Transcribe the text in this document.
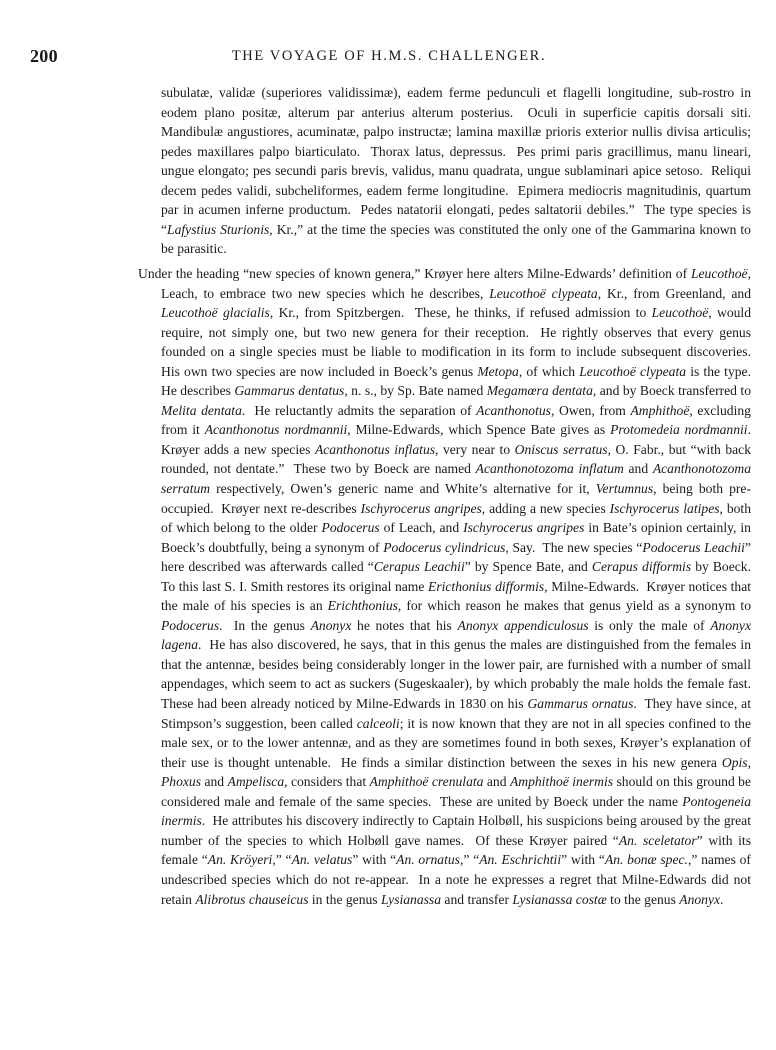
200	THE VOYAGE OF H.M.S. CHALLENGER.

subulatæ, validæ (superiores validissimæ), eadem ferme pedunculi et flagelli longitudine, sub-rostro in eodem plano positæ, alterum par anterius alterum posterius.  Oculi in superficie capitis dorsali siti.  Mandibulæ angustiores, acuminatæ, palpo instructæ; lamina maxillæ prioris exterior nullis divisa articulis; pedes maxillares palpo biarticulato.  Thorax latus, depressus.  Pes primi paris gracillimus, manu lineari, ungue elongato; pes secundi paris brevis, validus, manu quadrata, ungue sublaminari apice setoso.  Reliqui decem pedes validi, subcheliformes, eadem ferme longitudine.  Epimera mediocris magnitudinis, quartum par in acumen inferne productum.  Pedes natatorii elongati, pedes saltatorii debiles.”  The type species is “Lafystius Sturionis, Kr.,” at the time the species was constituted the only one of the Gammarina known to be parasitic.

Under the heading “new species of known genera,” Krøyer here alters Milne-Edwards’ definition of Leucothoë, Leach, to embrace two new species which he describes, Leucothoë clypeata, Kr., from Greenland, and Leucothoë glacialis, Kr., from Spitzbergen.  These, he thinks, if refused admission to Leucothoë, would require, not simply one, but two new genera for their reception.  He rightly observes that every genus founded on a single species must be liable to modification in its form to include subsequent discoveries.  His own two species are now included in Boeck’s genus Metopa, of which Leucothoë clypeata is the type.  He describes Gammarus dentatus, n. s., by Sp. Bate named Megamœra dentata, and by Boeck transferred to Melita dentata.  He reluctantly admits the separation of Acanthonotus, Owen, from Amphithoë, excluding from it Acanthonotus nordmannii, Milne-Edwards, which Spence Bate gives as Protomedeia nordmannii.  Krøyer adds a new species Acanthonotus inflatus, very near to Oniscus serratus, O. Fabr., but “with back rounded, not dentate.”  These two by Boeck are named Acanthonotozoma inflatum and Acanthonotozoma serratum respectively, Owen’s generic name and White’s alternative for it, Vertumnus, being both pre-occupied.  Krøyer next re-describes Ischyrocerus angripes, adding a new species Ischyrocerus latipes, both of which belong to the older Podocerus of Leach, and Ischyrocerus angripes in Bate’s opinion certainly, in Boeck’s doubtfully, being a synonym of Podocerus cylindricus, Say.  The new species “Podocerus Leachii” here described was afterwards called “Cerapus Leachii” by Spence Bate, and Cerapus difformis by Boeck.  To this last S. I. Smith restores its original name Ericthonius difformis, Milne-Edwards.  Krøyer notices that the male of his species is an Erichthonius, for which reason he makes that genus yield as a synonym to Podocerus.  In the genus Anonyx he notes that his Anonyx appendiculosus is only the male of Anonyx lagena.  He has also discovered, he says, that in this genus the males are distinguished from the females in that the antennæ, besides being considerably longer in the lower pair, are furnished with a number of small appendages, which seem to act as suckers (Sugeskaaler), by which probably the male holds the female fast.  These had been already noticed by Milne-Edwards in 1830 on his Gammarus ornatus.  They have since, at Stimpson’s suggestion, been called calceoli; it is now known that they are not in all species confined to the male sex, or to the lower antennæ, and as they are sometimes found in both sexes, Krøyer’s explanation of their use is thought untenable.  He finds a similar distinction between the sexes in his new genera Opis, Phoxus and Ampelisca, considers that Amphithoë crenulata and Amphithoë inermis should on this ground be considered male and female of the same species.  These are united by Boeck under the name Pontogeneia inermis.  He attributes his discovery indirectly to Captain Holbøll, his suspicions being aroused by the great number of the species to which Holbøll gave names.  Of these Krøyer paired “An. sceletator” with its female “An. Kröyeri,” “An. velatus” with “An. ornatus,” “An. Eschrichtii” with “An. bonæ spec.,” names of undescribed species which do not re-appear.  In a note he expresses a regret that Milne-Edwards did not retain Alibrotus chauseicus in the genus Lysianassa and transfer Lysianassa costæ to the genus Anonyx.
